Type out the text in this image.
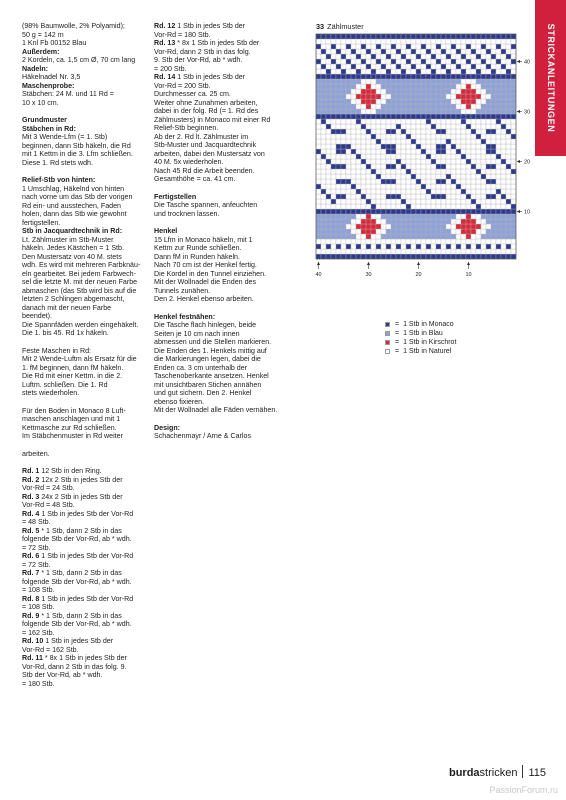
(98% Baumwolle, 2% Polyamid);
50 g = 142 m
1 Knl Fb 00152 Blau
Außerdem:
2 Kordeln, ca. 1,5 cm Ø, 70 cm lang
Nadeln:
Häkelnadel Nr. 3,5
Maschenprobe:
Stäbchen: 24 M. und 11 Rd =
10 x 10 cm.

Grundmuster
Stäbchen in Rd:
Mit 3 Wende-Lfm (= 1. Stb)
beginnen, dann Stb häkeln, die Rd
mit 1 Kettm in die 3. Lfm schließen.
Diese 1. Rd stets wdh.

Relief-Stb von hinten:
1 Umschlag, Häkelnd von hinten
nach vorne um das Stb der vorigen
Rd ein- und ausstechen, Faden
holen, dann das Stb wie gewohnt
fertigstellen.
Stb in Jacquardtechnik in Rd:
Lt. Zählmuster im Stb-Muster
häkeln. Jedes Kästchen = 1 Stb.
Den Mustersatz von 40 M. stets
wdh. Es wird mit mehreren Farbknäu-
eln gearbeitet. Bei jedem Farbwech-
sel die letzte M. mit der neuen Farbe
abmaschen (das Stb wird bis auf die
letzten 2 Schlingen abgemascht,
danach mit der neuen Farbe
beendet).
Die Spannfäden werden eingehäkelt.
Die 1. bis 45. Rd 1x häkeln.

Feste Maschen in Rd:
Mit 2 Wende-Luftm als Ersatz für die
1. fM beginnen, dann fM häkeln.
Die Rd mit einer Kettm. in die 2.
Luftm. schließen. Die 1. Rd
stets wiederholen.

Für den Boden in Monaco 8 Luft-
maschen anschlagen und mit 1
Kettmasche zur Rd schließen.
Im Stäbchenmuster in Rd weiter

arbeiten.

Rd. 1 12 Stb in den Ring.
Rd. 2 12x 2 Stb in jedes Stb der
Vor-Rd = 24 Stb.
Rd. 3 24x 2 Stb in jedes Stb der
Vor-Rd = 48 Stb.
Rd. 4 1 Stb in jedes Stb der Vor-Rd
= 48 Stb.
Rd. 5 * 1 Stb, dann 2 Stb in das
folgende Stb der Vor-Rd, ab * wdh.
= 72 Stb.
Rd. 6 1 Stb in jedes Stb der Vor-Rd
= 72 Stb.
Rd. 7 * 1 Stb, dann 2 Stb in das
folgende Stb der Vor-Rd, ab * wdh.
= 108 Stb.
Rd. 8 1 Stb in jedes Stb der Vor-Rd
= 108 Stb.
Rd. 9 * 1 Stb, dann 2 Stb in das
folgende Stb der Vor-Rd, ab * wdh.
= 162 Stb.
Rd. 10 1 Stb in jedes Stb der
Vor-Rd = 162 Stb.
Rd. 11 * 8x 1 Stb in jedes Stb der
Vor-Rd, dann 2 Stb in das folg. 9.
Stb der Vor-Rd, ab * wdh.
= 180 Stb.

Rd. 12 1 Stb in jedes Stb der
Vor-Rd = 180 Stb.
Rd. 13 * 8x 1 Stb in jedes Stb der
Vor-Rd, dann 2 Stb in das folg.
9. Stb der Vor-Rd, ab * wdh.
= 200 Stb.
Rd. 14 1 Stb in jedes Stb der
Vor-Rd = 200 Stb.
Durchmesser ca. 25 cm.
Weiter ohne Zunahmen arbeiten,
dabei in der folg. Rd (= 1. Rd des
Zählmusters) in Monaco mit einer Rd
Relief-Stb beginnen.
Ab der 2. Rd lt. Zählmuster im
Stb-Muster und Jacquardtechnik
arbeiten, dabei den Mustersatz von
40 M. 5x wiederholen.
Nach 45 Rd die Arbeit beenden.
Gesamthöhe = ca. 41 cm.

Fertigstellen
Die Tasche spannen, anfeuchten
und trocknen lassen.

Henkel
15 Lfm in Monaco häkeln, mit 1
Kettm zur Runde schließen.
Dann fM in Runden häkeln.
Nach 70 cm ist der Henkel fertig.
Die Kordel in den Tunnel einziehen.
Mit der Wollnadel die Enden des
Tunnels zunähen.
Den 2. Henkel ebenso arbeiten.

Henkel festnähen:
Die Tasche flach hinlegen, beide
Seiten je 10 cm nach innen
abmessen und die Stellen markieren.
Die Enden des 1. Henkels mittig auf
die Markierungen legen, dabei die
Enden ca. 3 cm unterhalb der
Taschenoberkante ansetzen. Henkel
mit unsichtbaren Stichen annähen
und gut sichern. Den 2. Henkel
ebenso fixieren.
Mit der Wollnadel alle Fäden vernähen.

Design:
Schachenmayr / Arne & Carlos

33 Zählmuster
40
30
20
10
40	30	20	10
= 1 Stb in Monaco
= 1 Stb in Blau
= 1 Stb in Kirschrot
= 1 Stb in Naturel
STRICKANLEITUNGEN
burda stricken 115
PassionForum.ru
